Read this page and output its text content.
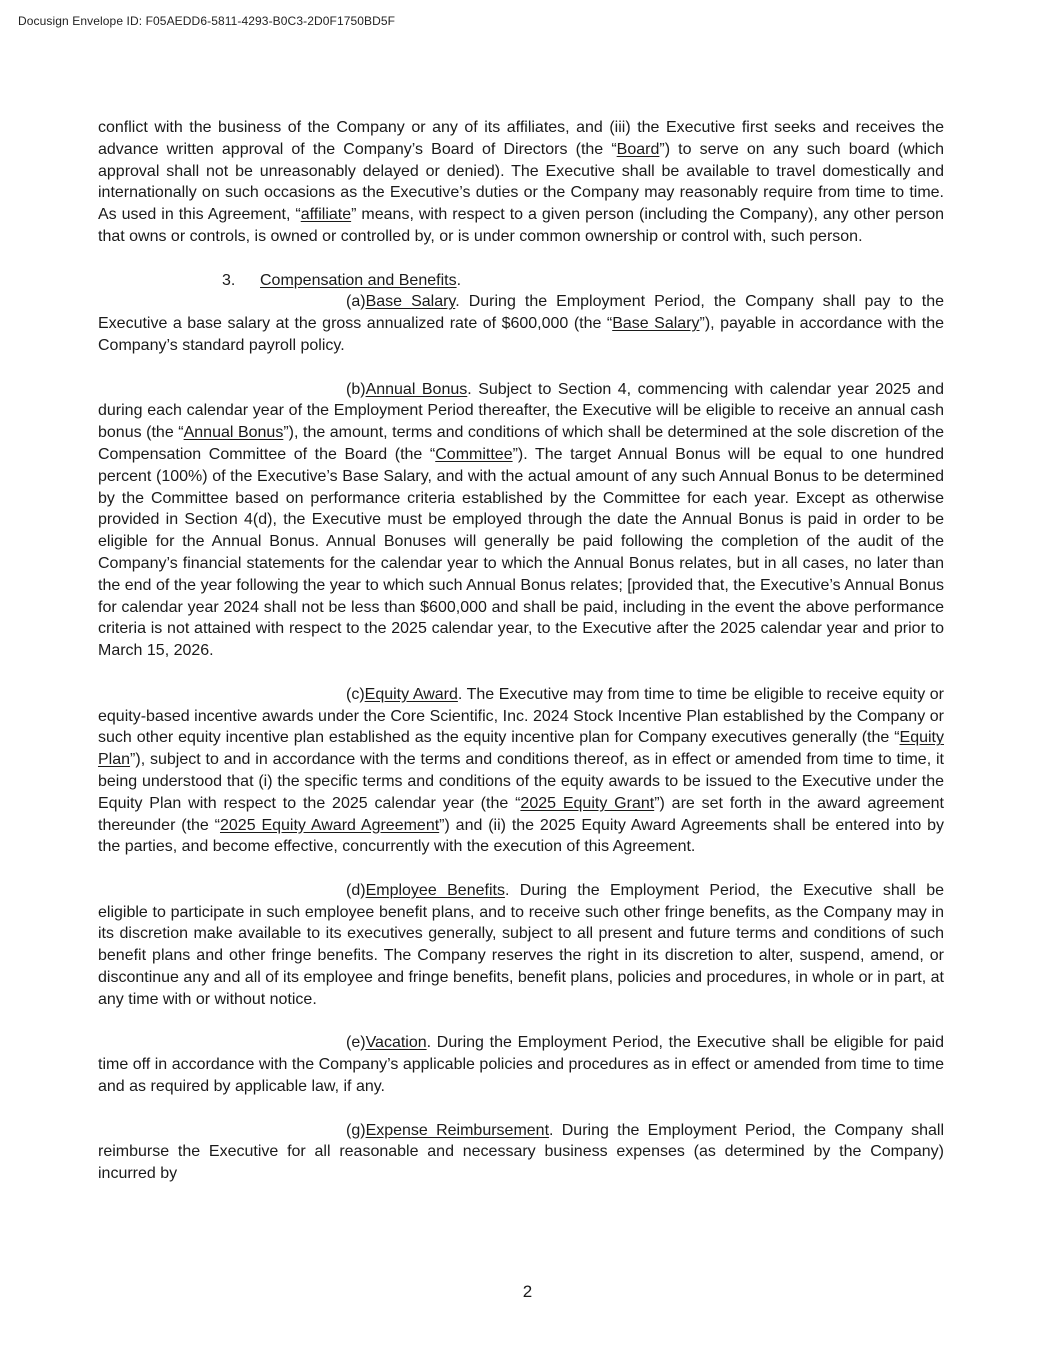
Docusign Envelope ID: F05AEDD6-5811-4293-B0C3-2D0F1750BD5F

conflict with the business of the Company or any of its affiliates, and (iii) the Executive first seeks and receives the advance written approval of the Company’s Board of Directors (the “Board”) to serve on any such board (which approval shall not be unreasonably delayed or denied). The Executive shall be available to travel domestically and internationally on such occasions as the Executive’s duties or the Company may reasonably require from time to time. As used in this Agreement, “affiliate” means, with respect to a given person (including the Company), any other person that owns or controls, is owned or controlled by, or is under common ownership or control with, such person.

3. Compensation and Benefits.

(a)Base Salary. During the Employment Period, the Company shall pay to the Executive a base salary at the gross annualized rate of $600,000 (the “Base Salary”), payable in accordance with the Company’s standard payroll policy.

(b)Annual Bonus. Subject to Section 4, commencing with calendar year 2025 and during each calendar year of the Employment Period thereafter, the Executive will be eligible to receive an annual cash bonus (the “Annual Bonus”), the amount, terms and conditions of which shall be determined at the sole discretion of the Compensation Committee of the Board (the “Committee”). The target Annual Bonus will be equal to one hundred percent (100%) of the Executive’s Base Salary, and with the actual amount of any such Annual Bonus to be determined by the Committee based on performance criteria established by the Committee for each year. Except as otherwise provided in Section 4(d), the Executive must be employed through the date the Annual Bonus is paid in order to be eligible for the Annual Bonus. Annual Bonuses will generally be paid following the completion of the audit of the Company’s financial statements for the calendar year to which the Annual Bonus relates, but in all cases, no later than the end of the year following the year to which such Annual Bonus relates; [provided that, the Executive’s Annual Bonus for calendar year 2024 shall not be less than $600,000 and shall be paid, including in the event the above performance criteria is not attained with respect to the 2025 calendar year, to the Executive after the 2025 calendar year and prior to March 15, 2026.

(c)Equity Award. The Executive may from time to time be eligible to receive equity or equity-based incentive awards under the Core Scientific, Inc. 2024 Stock Incentive Plan established by the Company or such other equity incentive plan established as the equity incentive plan for Company executives generally (the “Equity Plan”), subject to and in accordance with the terms and conditions thereof, as in effect or amended from time to time, it being understood that (i) the specific terms and conditions of the equity awards to be issued to the Executive under the Equity Plan with respect to the 2025 calendar year (the “2025 Equity Grant”) are set forth in the award agreement thereunder (the “2025 Equity Award Agreement”) and (ii) the 2025 Equity Award Agreements shall be entered into by the parties, and become effective, concurrently with the execution of this Agreement.

(d)Employee Benefits. During the Employment Period, the Executive shall be eligible to participate in such employee benefit plans, and to receive such other fringe benefits, as the Company may in its discretion make available to its executives generally, subject to all present and future terms and conditions of such benefit plans and other fringe benefits. The Company reserves the right in its discretion to alter, suspend, amend, or discontinue any and all of its employee and fringe benefits, benefit plans, policies and procedures, in whole or in part, at any time with or without notice.

(e)Vacation. During the Employment Period, the Executive shall be eligible for paid time off in accordance with the Company’s applicable policies and procedures as in effect or amended from time to time and as required by applicable law, if any.

(g)Expense Reimbursement. During the Employment Period, the Company shall reimburse the Executive for all reasonable and necessary business expenses (as determined by the Company) incurred by

2
